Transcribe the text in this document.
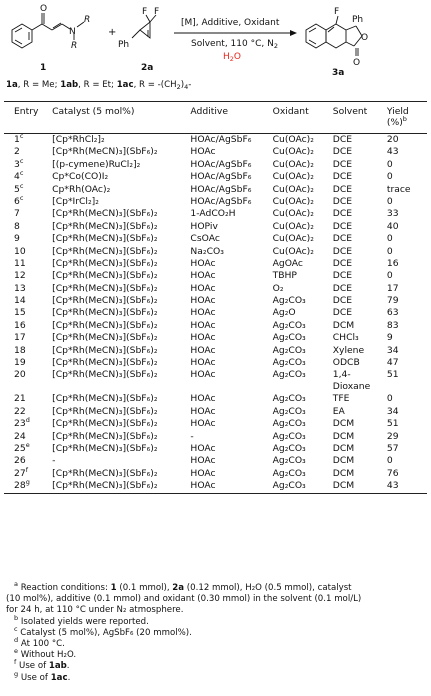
O
N
R
R
1
+
F F
Ph
2a
[M], Additive, Oxidant
Solvent, 110 °C, $N_2$
$H_2O$
F
Ph
O
O
3a
1a, R = Me; 1ab, R = Et; 1ac, $R = -(CH_2)_4-$
Entry	Catalyst (5 mol%)	Additive	Oxidant	Solvent	Yield
(%)$^b$
1$^c$	[Cp*RhCl₂]₂	HOAc/AgSbF₆	Cu(OAc)₂	DCE	20
2	[Cp*Rh(MeCN)₃](SbF₆)₂	HOAc	Cu(OAc)₂	DCE	43
3$^c$	[(p-cymene)RuCl₂]₂	HOAc/AgSbF₆	Cu(OAc)₂	DCE	0
4$^c$	Cp*Co(CO)I₂	HOAc/AgSbF₆	Cu(OAc)₂	DCE	0
5$^c$	Cp*Rh(OAc)₂	HOAc/AgSbF₆	Cu(OAc)₂	DCE	trace
6$^c$	[Cp*IrCl₂]₂	HOAc/AgSbF₆	Cu(OAc)₂	DCE	0
7	[Cp*Rh(MeCN)₃](SbF₆)₂	1-AdCO₂H	Cu(OAc)₂	DCE	33
8	[Cp*Rh(MeCN)₃](SbF₆)₂	HOPiv	Cu(OAc)₂	DCE	40
9	[Cp*Rh(MeCN)₃](SbF₆)₂	CsOAc	Cu(OAc)₂	DCE	0
10	[Cp*Rh(MeCN)₃](SbF₆)₂	Na₂CO₃	Cu(OAc)₂	DCE	0
11	[Cp*Rh(MeCN)₃](SbF₆)₂	HOAc	AgOAc	DCE	16
12	[Cp*Rh(MeCN)₃](SbF₆)₂	HOAc	TBHP	DCE	0
13	[Cp*Rh(MeCN)₃](SbF₆)₂	HOAc	O₂	DCE	17
14	[Cp*Rh(MeCN)₃](SbF₆)₂	HOAc	Ag₂CO₃	DCE	79
15	[Cp*Rh(MeCN)₃](SbF₆)₂	HOAc	Ag₂O	DCE	63
16	[Cp*Rh(MeCN)₃](SbF₆)₂	HOAc	Ag₂CO₃	DCM	83
17	[Cp*Rh(MeCN)₃](SbF₆)₂	HOAc	Ag₂CO₃	CHCl₃	9
18	[Cp*Rh(MeCN)₃](SbF₆)₂	HOAc	Ag₂CO₃	Xylene	34
19	[Cp*Rh(MeCN)₃](SbF₆)₂	HOAc	Ag₂CO₃	ODCB	47
20	[Cp*Rh(MeCN)₃](SbF₆)₂	HOAc	Ag₂CO₃	1,4-
Dioxane	51
21	[Cp*Rh(MeCN)₃](SbF₆)₂	HOAc	Ag₂CO₃	TFE	0
22	[Cp*Rh(MeCN)₃](SbF₆)₂	HOAc	Ag₂CO₃	EA	34
23$^d$	[Cp*Rh(MeCN)₃](SbF₆)₂	HOAc	Ag₂CO₃	DCM	51
24	[Cp*Rh(MeCN)₃](SbF₆)₂	-	Ag₂CO₃	DCM	29
25e	[Cp*Rh(MeCN)₃](SbF₆)₂	HOAc	Ag₂CO₃	DCM	57
26	-	HOAc	Ag₂CO₃	DCM	0
27$^f$	[Cp*Rh(MeCN)₃](SbF₆)₂	HOAc	Ag₂CO₃	DCM	76
28$^g$	[Cp*Rh(MeCN)₃](SbF₆)₂	HOAc	Ag₂CO₃	DCM	43

$^a$ Reaction conditions: 1 (0.1 mmol), 2a (0.12 mmol), H₂O (0.5 mmol), catalyst

(10 mol%), additive (0.1 mmol) and oxidant (0.30 mmol) in the solvent (0.1 mol/L)

for 24 h, at 110 °C under N₂ atmosphere.

$^b$ Isolated yields were reported.

$^c$ Catalyst (5 mol%), AgSbF₆ (20 mmol%).

$^d$ At 100 °C.

$^e$ Without H₂O.

$^f$ Use of 1ab.

$^g$ Use of 1ac.
